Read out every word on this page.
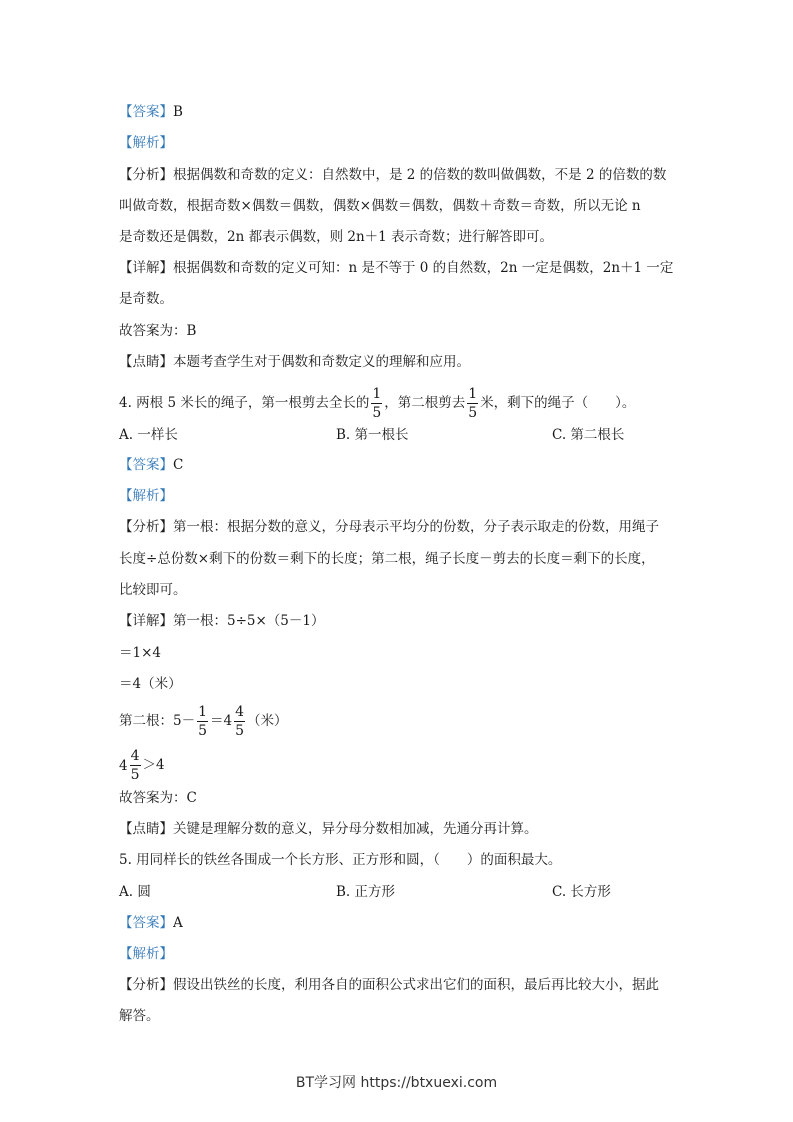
【答案】B
【解析】
【分析】根据偶数和奇数的定义：自然数中，是 2 的倍数的数叫做偶数，不是 2 的倍数的数
叫做奇数，根据奇数×偶数＝偶数，偶数×偶数＝偶数，偶数＋奇数＝奇数，所以无论 n
是奇数还是偶数，2n 都表示偶数，则 2n＋1 表示奇数；进行解答即可。
【详解】根据偶数和奇数的定义可知：n 是不等于 0 的自然数，2n 一定是偶数，2n＋1 一定
是奇数。
故答案为：B
【点睛】本题考查学生对于偶数和奇数定义的理解和应用。
4. 两根 5 米长的绳子，第一根剪去全长的 $\frac{1}{5}$ ，第二根剪去 $\frac{1}{5}$ 米，剩下的绳子（　　）。
A. 一样长	B. 第一根长	C. 第二根长
【答案】C
【解析】
【分析】第一根：根据分数的意义，分母表示平均分的份数，分子表示取走的份数，用绳子
长度÷总份数×剩下的份数＝剩下的长度；第二根，绳子长度－剪去的长度＝剩下的长度，
比较即可。
【详解】第一根：5÷5×（5－1）
＝1×4
＝4（米）
第二根：$5- \frac{1}{5} =4 \frac{4}{5}$ （米）
$4 \frac{4}{5} >4$
故答案为：C
【点睛】关键是理解分数的意义，异分母分数相加减，先通分再计算。
5. 用同样长的铁丝各围成一个长方形、正方形和圆，（　　）的面积最大。
A. 圆	B. 正方形	C. 长方形
【答案】A
【解析】
【分析】假设出铁丝的长度，利用各自的面积公式求出它们的面积，最后再比较大小，据此
解答。
BT学习网 https://btxuexi.com
